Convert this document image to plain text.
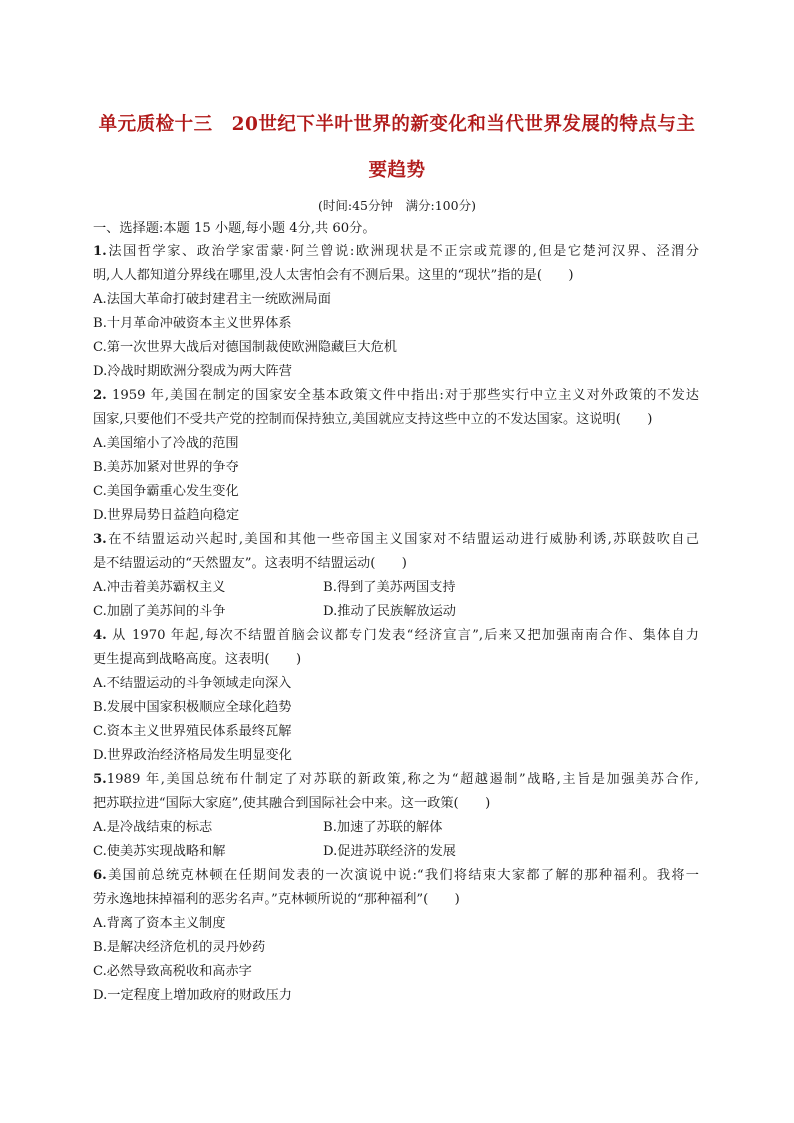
单元质检十三　20世纪下半叶世界的新变化和当代世界发展的特点与主
要趋势
(时间:45分钟　满分:100分)
一、选择题:本题 15 小题,每小题 4分,共 60分。
1.法国哲学家、政治学家雷蒙·阿兰曾说:欧洲现状是不正宗或荒谬的,但是它楚河汉界、泾渭分
明,人人都知道分界线在哪里,没人太害怕会有不测后果。这里的“现状”指的是(　　)
A.法国大革命打破封建君主一统欧洲局面
B.十月革命冲破资本主义世界体系
C.第一次世界大战后对德国制裁使欧洲隐藏巨大危机
D.冷战时期欧洲分裂成为两大阵营
2. 1959 年,美国在制定的国家安全基本政策文件中指出:对于那些实行中立主义对外政策的不发达
国家,只要他们不受共产党的控制而保持独立,美国就应支持这些中立的不发达国家。这说明(　　)
A.美国缩小了冷战的范围
B.美苏加紧对世界的争夺
C.美国争霸重心发生变化
D.世界局势日益趋向稳定
3.在不结盟运动兴起时,美国和其他一些帝国主义国家对不结盟运动进行威胁利诱,苏联鼓吹自己
是不结盟运动的“天然盟友”。这表明不结盟运动(　　)
A.冲击着美苏霸权主义	B.得到了美苏两国支持
C.加剧了美苏间的斗争	D.推动了民族解放运动
4. 从 1970 年起,每次不结盟首脑会议都专门发表“经济宣言”,后来又把加强南南合作、集体自力
更生提高到战略高度。这表明(　　)
A.不结盟运动的斗争领域走向深入
B.发展中国家积极顺应全球化趋势
C.资本主义世界殖民体系最终瓦解
D.世界政治经济格局发生明显变化
5.1989 年,美国总统布什制定了对苏联的新政策,称之为“超越遏制”战略,主旨是加强美苏合作,
把苏联拉进“国际大家庭”,使其融合到国际社会中来。这一政策(　　)
A.是冷战结束的标志	B.加速了苏联的解体
C.使美苏实现战略和解	D.促进苏联经济的发展
6.美国前总统克林顿在任期间发表的一次演说中说:“我们将结束大家都了解的那种福利。我将一
劳永逸地抹掉福利的恶劣名声。”克林顿所说的“那种福利”(　　)
A.背离了资本主义制度
B.是解决经济危机的灵丹妙药
C.必然导致高税收和高赤字
D.一定程度上增加政府的财政压力
